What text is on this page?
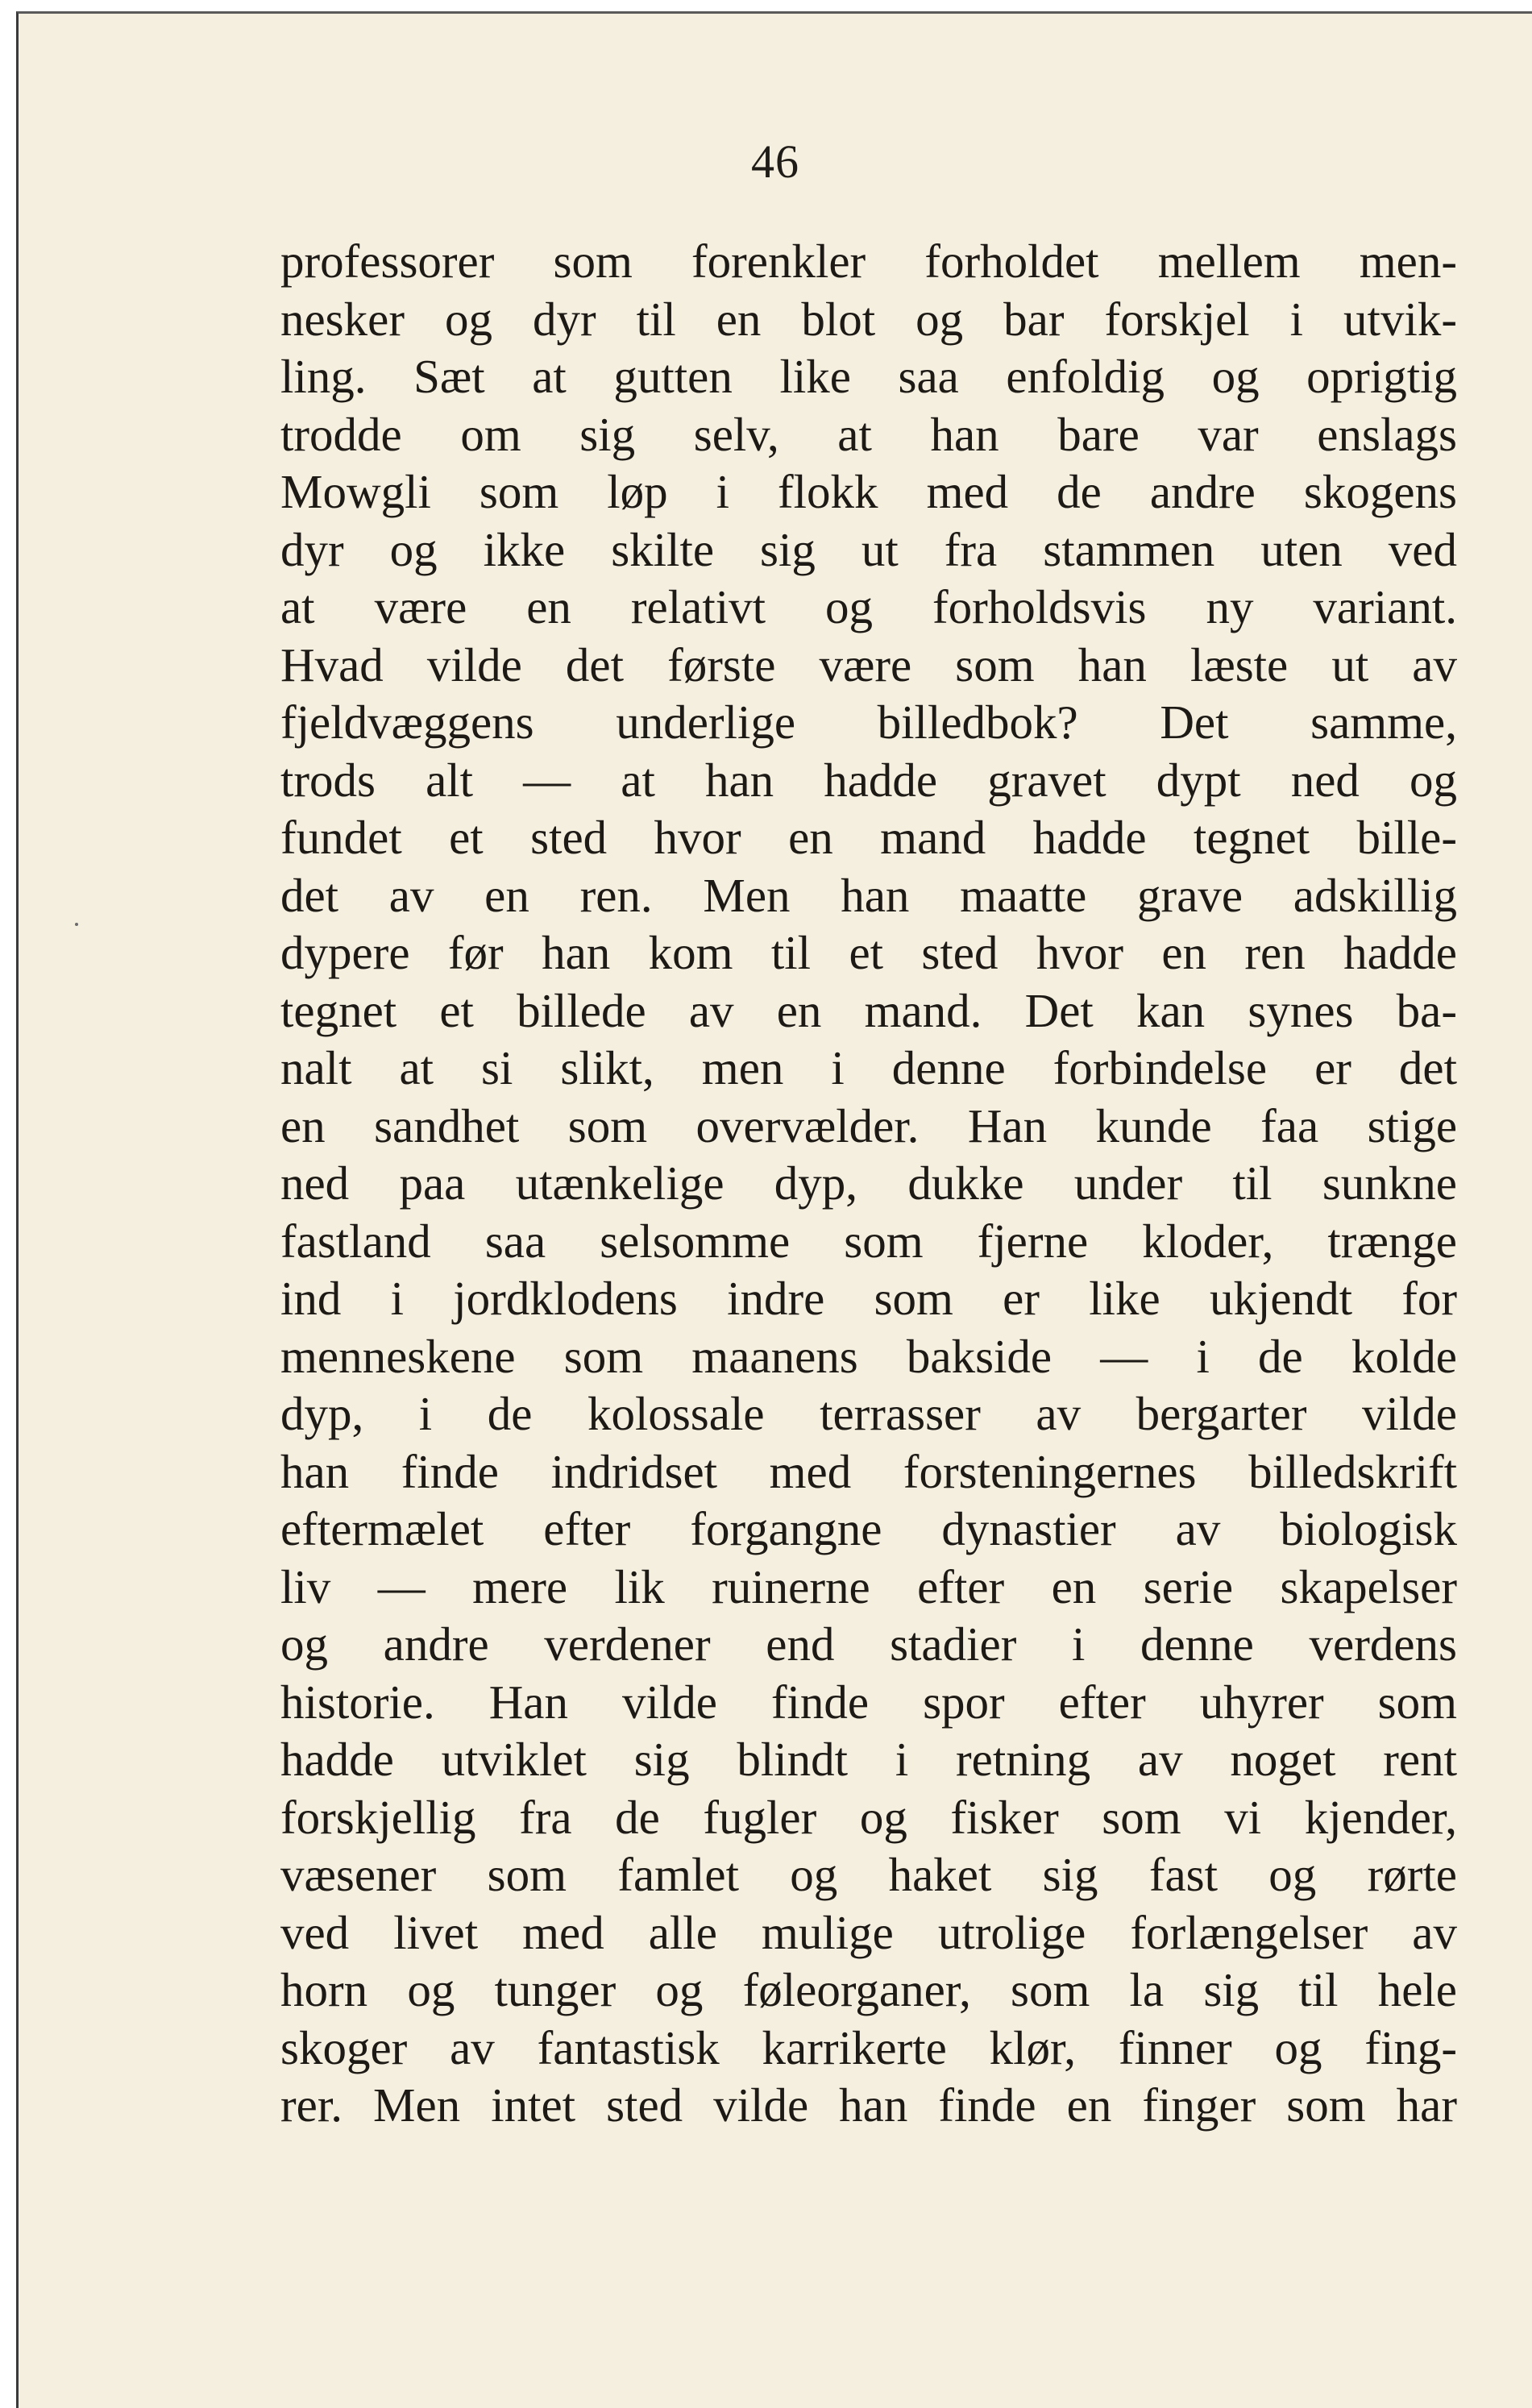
46
professorer som forenkler forholdet mellem men-
nesker og dyr til en blot og bar forskjel i utvik-
ling. Sæt at gutten like saa enfoldig og oprigtig
trodde om sig selv, at han bare var enslags
Mowgli som løp i flokk med de andre skogens
dyr og ikke skilte sig ut fra stammen uten ved
at være en relativt og forholdsvis ny variant.
Hvad vilde det første være som han læste ut av
fjeldvæggens underlige billedbok? Det samme,
trods alt — at han hadde gravet dypt ned og
fundet et sted hvor en mand hadde tegnet bille-
det av en ren. Men han maatte grave adskillig
dypere før han kom til et sted hvor en ren hadde
tegnet et billede av en mand. Det kan synes ba-
nalt at si slikt, men i denne forbindelse er det
en sandhet som overvælder. Han kunde faa stige
ned paa utænkelige dyp, dukke under til sunkne
fastland saa selsomme som fjerne kloder, trænge
ind i jordklodens indre som er like ukjendt for
menneskene som maanens bakside — i de kolde
dyp, i de kolossale terrasser av bergarter vilde
han finde indridset med forsteningernes billedskrift
eftermælet efter forgangne dynastier av biologisk
liv — mere lik ruinerne efter en serie skapelser
og andre verdener end stadier i denne verdens
historie. Han vilde finde spor efter uhyrer som
hadde utviklet sig blindt i retning av noget rent
forskjellig fra de fugler og fisker som vi kjender,
væsener som famlet og haket sig fast og rørte
ved livet med alle mulige utrolige forlængelser av
horn og tunger og føleorganer, som la sig til hele
skoger av fantastisk karrikerte klør, finner og fing-
rer. Men intet sted vilde han finde en finger som har
